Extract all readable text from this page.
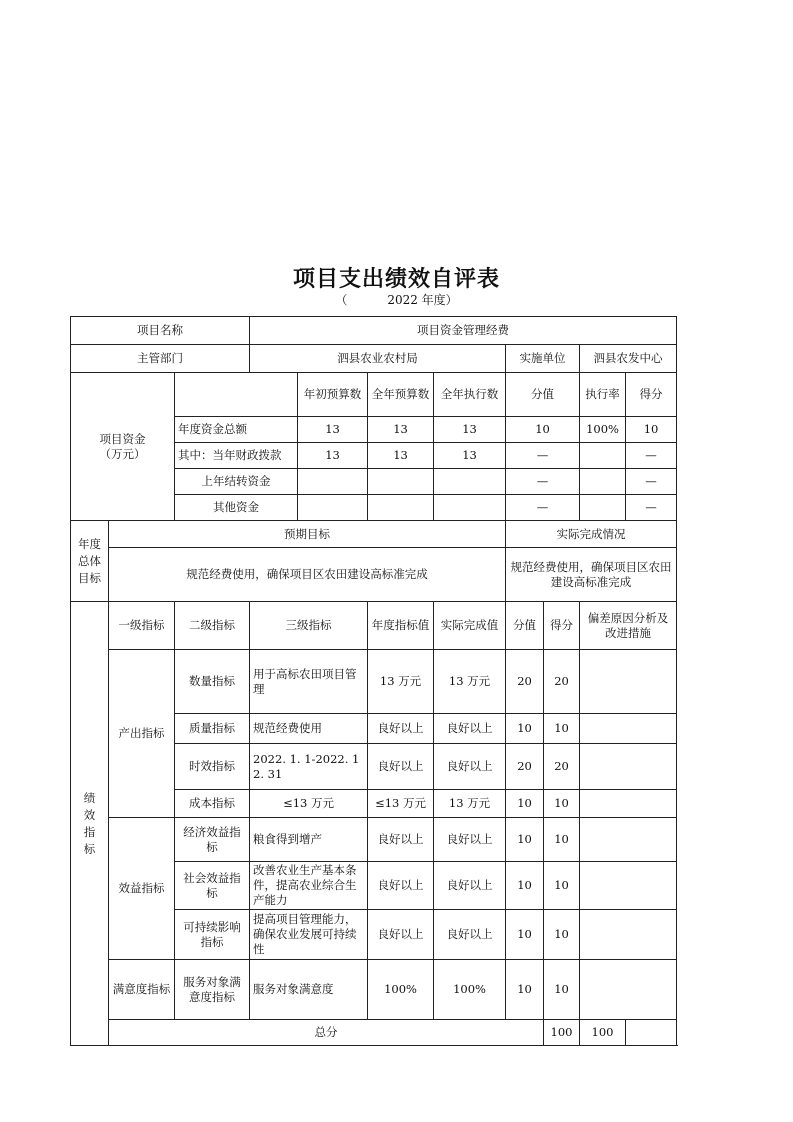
项目支出绩效自评表
（	2022 年度）
项目名称			项目资金管理经费							
主管部门			泗县农业农村局				实施单位		泗县农发中心	
项目资金
（万元）				年初预算数	全年预算数	全年执行数	分值		执行率	得分
		年度资金总额		13	13	13	10		100%	10
		其中：当年财政拨款		13	13	13	—			—
		上年结转资金					—			—
		其他资金					—			—
年度
总体
目标	预期目标						实际完成情况			
	规范经费使用，确保项目区农田建设高标准完成						规范经费使用，确保项目区农田建设高标准完成			
绩
效
指
标	一级指标	二级指标	三级指标		年度指标值	实际完成值	分值	得分	偏差原因分析及改进措施	
	产出指标	数量指标	用于高标农田项目管理		13 万元	13 万元	20	20		
		质量指标	规范经费使用		良好以上	良好以上	10	10		
		时效指标	2022. 1. 1-2022. 12. 31		良好以上	良好以上	20	20		
		成本指标	≤13 万元		≤13 万元	13 万元	10	10		
	效益指标	经济效益指标	粮食得到增产		良好以上	良好以上	10	10		
		社会效益指标	改善农业生产基本条件，提高农业综合生产能力		良好以上	良好以上	10	10		
		可持续影响指标	提高项目管理能力，确保农业发展可持续性		良好以上	良好以上	10	10		
	满意度指标	服务对象满意度指标	服务对象满意度		100%	100%	10	10		
	总分							100	100	
